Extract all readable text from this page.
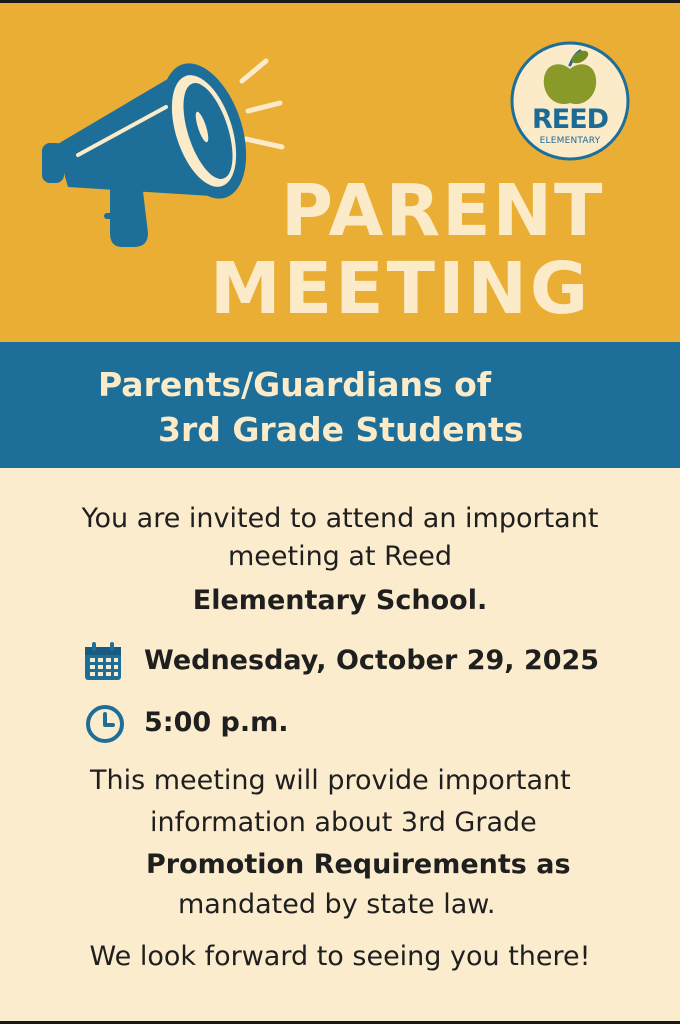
REED
ELEMENTARY
PARENT
MEETING
Parents/Guardians of
3rd Grade Students
You are invited to attend an important
meeting at Reed
Elementary School.
Wednesday, October 29, 2025
5:00 p.m.
This meeting will provide important
information about 3rd Grade
Promotion Requirements as
mandated by state law.
We look forward to seeing you there!
